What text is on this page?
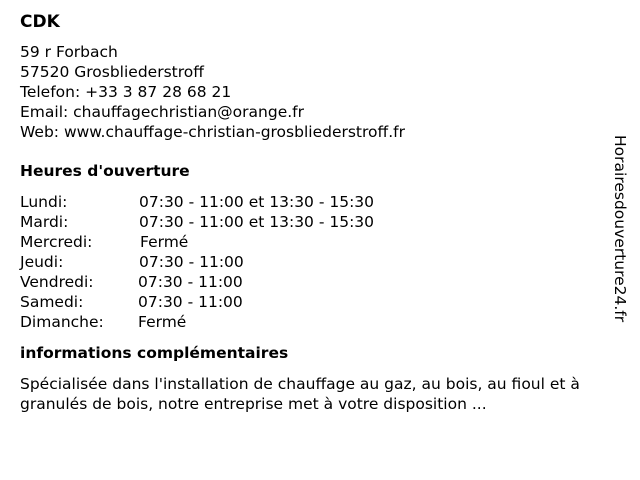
CDK
59 r Forbach
57520 Grosbliederstroff
Telefon: +33 3 87 28 68 21
Email: chauffagechristian@orange.fr
Web: www.chauffage-christian-grosbliederstroff.fr
Heures d'ouverture
Lundi:	07:30 - 11:00 et 13:30 - 15:30
Mardi:	07:30 - 11:00 et 13:30 - 15:30
Mercredi:	Fermé
Jeudi:	07:30 - 11:00
Vendredi:	07:30 - 11:00
Samedi:	07:30 - 11:00
Dimanche:	Fermé
informations complémentaires
Spécialisée dans l'installation de chauffage au gaz, au bois, au fioul et à granulés de bois, notre entreprise met à votre disposition ...
Horairesdouverture24.fr
